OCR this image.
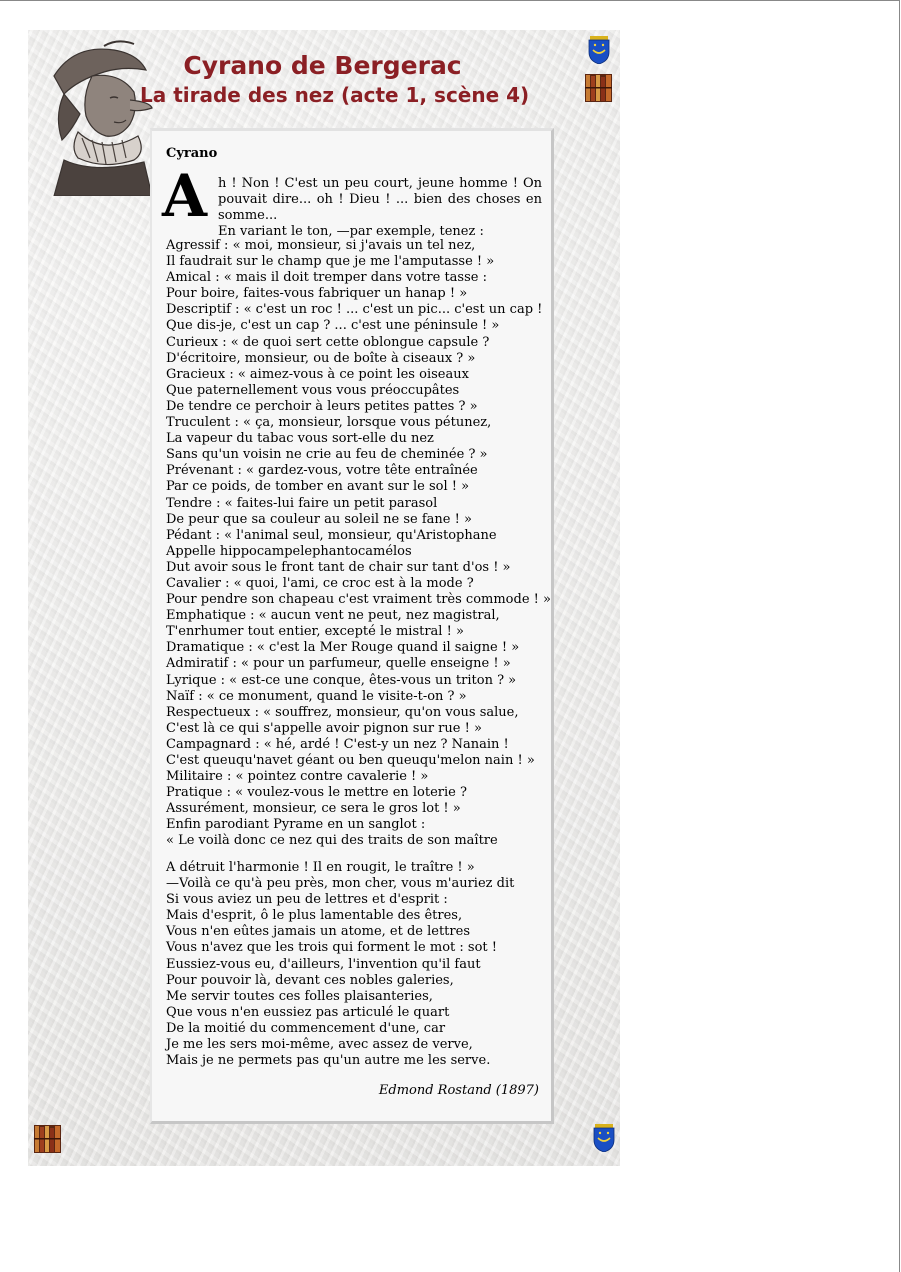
Cyrano de Bergerac
La tirade des nez (acte 1, scène 4)

Cyrano

A h ! Non ! C'est un peu court, jeune homme ! On pouvait dire... oh ! Dieu ! ... bien des choses en somme...
En variant le ton, —par exemple, tenez :

Agressif : « moi, monsieur, si j'avais un tel nez,

Il faudrait sur le champ que je me l'amputasse ! »

Amical : « mais il doit tremper dans votre tasse :

Pour boire, faites-vous fabriquer un hanap ! »

Descriptif : « c'est un roc ! ... c'est un pic... c'est un cap !

Que dis-je, c'est un cap ? ... c'est une péninsule ! »

Curieux : « de quoi sert cette oblongue capsule ?

D'écritoire, monsieur, ou de boîte à ciseaux ? »

Gracieux : « aimez-vous à ce point les oiseaux

Que paternellement vous vous préoccupâtes

De tendre ce perchoir à leurs petites pattes ? »

Truculent : « ça, monsieur, lorsque vous pétunez,

La vapeur du tabac vous sort-elle du nez

Sans qu'un voisin ne crie au feu de cheminée ? »

Prévenant : « gardez-vous, votre tête entraînée

Par ce poids, de tomber en avant sur le sol ! »

Tendre : « faites-lui faire un petit parasol

De peur que sa couleur au soleil ne se fane ! »

Pédant : « l'animal seul, monsieur, qu'Aristophane

Appelle hippocampelephantocamélos

Dut avoir sous le front tant de chair sur tant d'os ! »

Cavalier : « quoi, l'ami, ce croc est à la mode ?

Pour pendre son chapeau c'est vraiment très commode ! »

Emphatique : « aucun vent ne peut, nez magistral,

T'enrhumer tout entier, excepté le mistral ! »

Dramatique : « c'est la Mer Rouge quand il saigne ! »

Admiratif : « pour un parfumeur, quelle enseigne ! »

Lyrique : « est-ce une conque, êtes-vous un triton ? »

Naïf : « ce monument, quand le visite-t-on ? »

Respectueux : « souffrez, monsieur, qu'on vous salue,

C'est là ce qui s'appelle avoir pignon sur rue ! »

Campagnard : « hé, ardé ! C'est-y un nez ? Nanain !

C'est queuqu'navet géant ou ben queuqu'melon nain ! »

Militaire : « pointez contre cavalerie ! »

Pratique : « voulez-vous le mettre en loterie ?

Assurément, monsieur, ce sera le gros lot ! »

Enfin parodiant Pyrame en un sanglot :

« Le voilà donc ce nez qui des traits de son maître

A détruit l'harmonie ! Il en rougit, le traître ! »

—Voilà ce qu'à peu près, mon cher, vous m'auriez dit

Si vous aviez un peu de lettres et d'esprit :

Mais d'esprit, ô le plus lamentable des êtres,

Vous n'en eûtes jamais un atome, et de lettres

Vous n'avez que les trois qui forment le mot : sot !

Eussiez-vous eu, d'ailleurs, l'invention qu'il faut

Pour pouvoir là, devant ces nobles galeries,

Me servir toutes ces folles plaisanteries,

Que vous n'en eussiez pas articulé le quart

De la moitié du commencement d'une, car

Je me les sers moi-même, avec assez de verve,

Mais je ne permets pas qu'un autre me les serve.

Edmond Rostand (1897)
